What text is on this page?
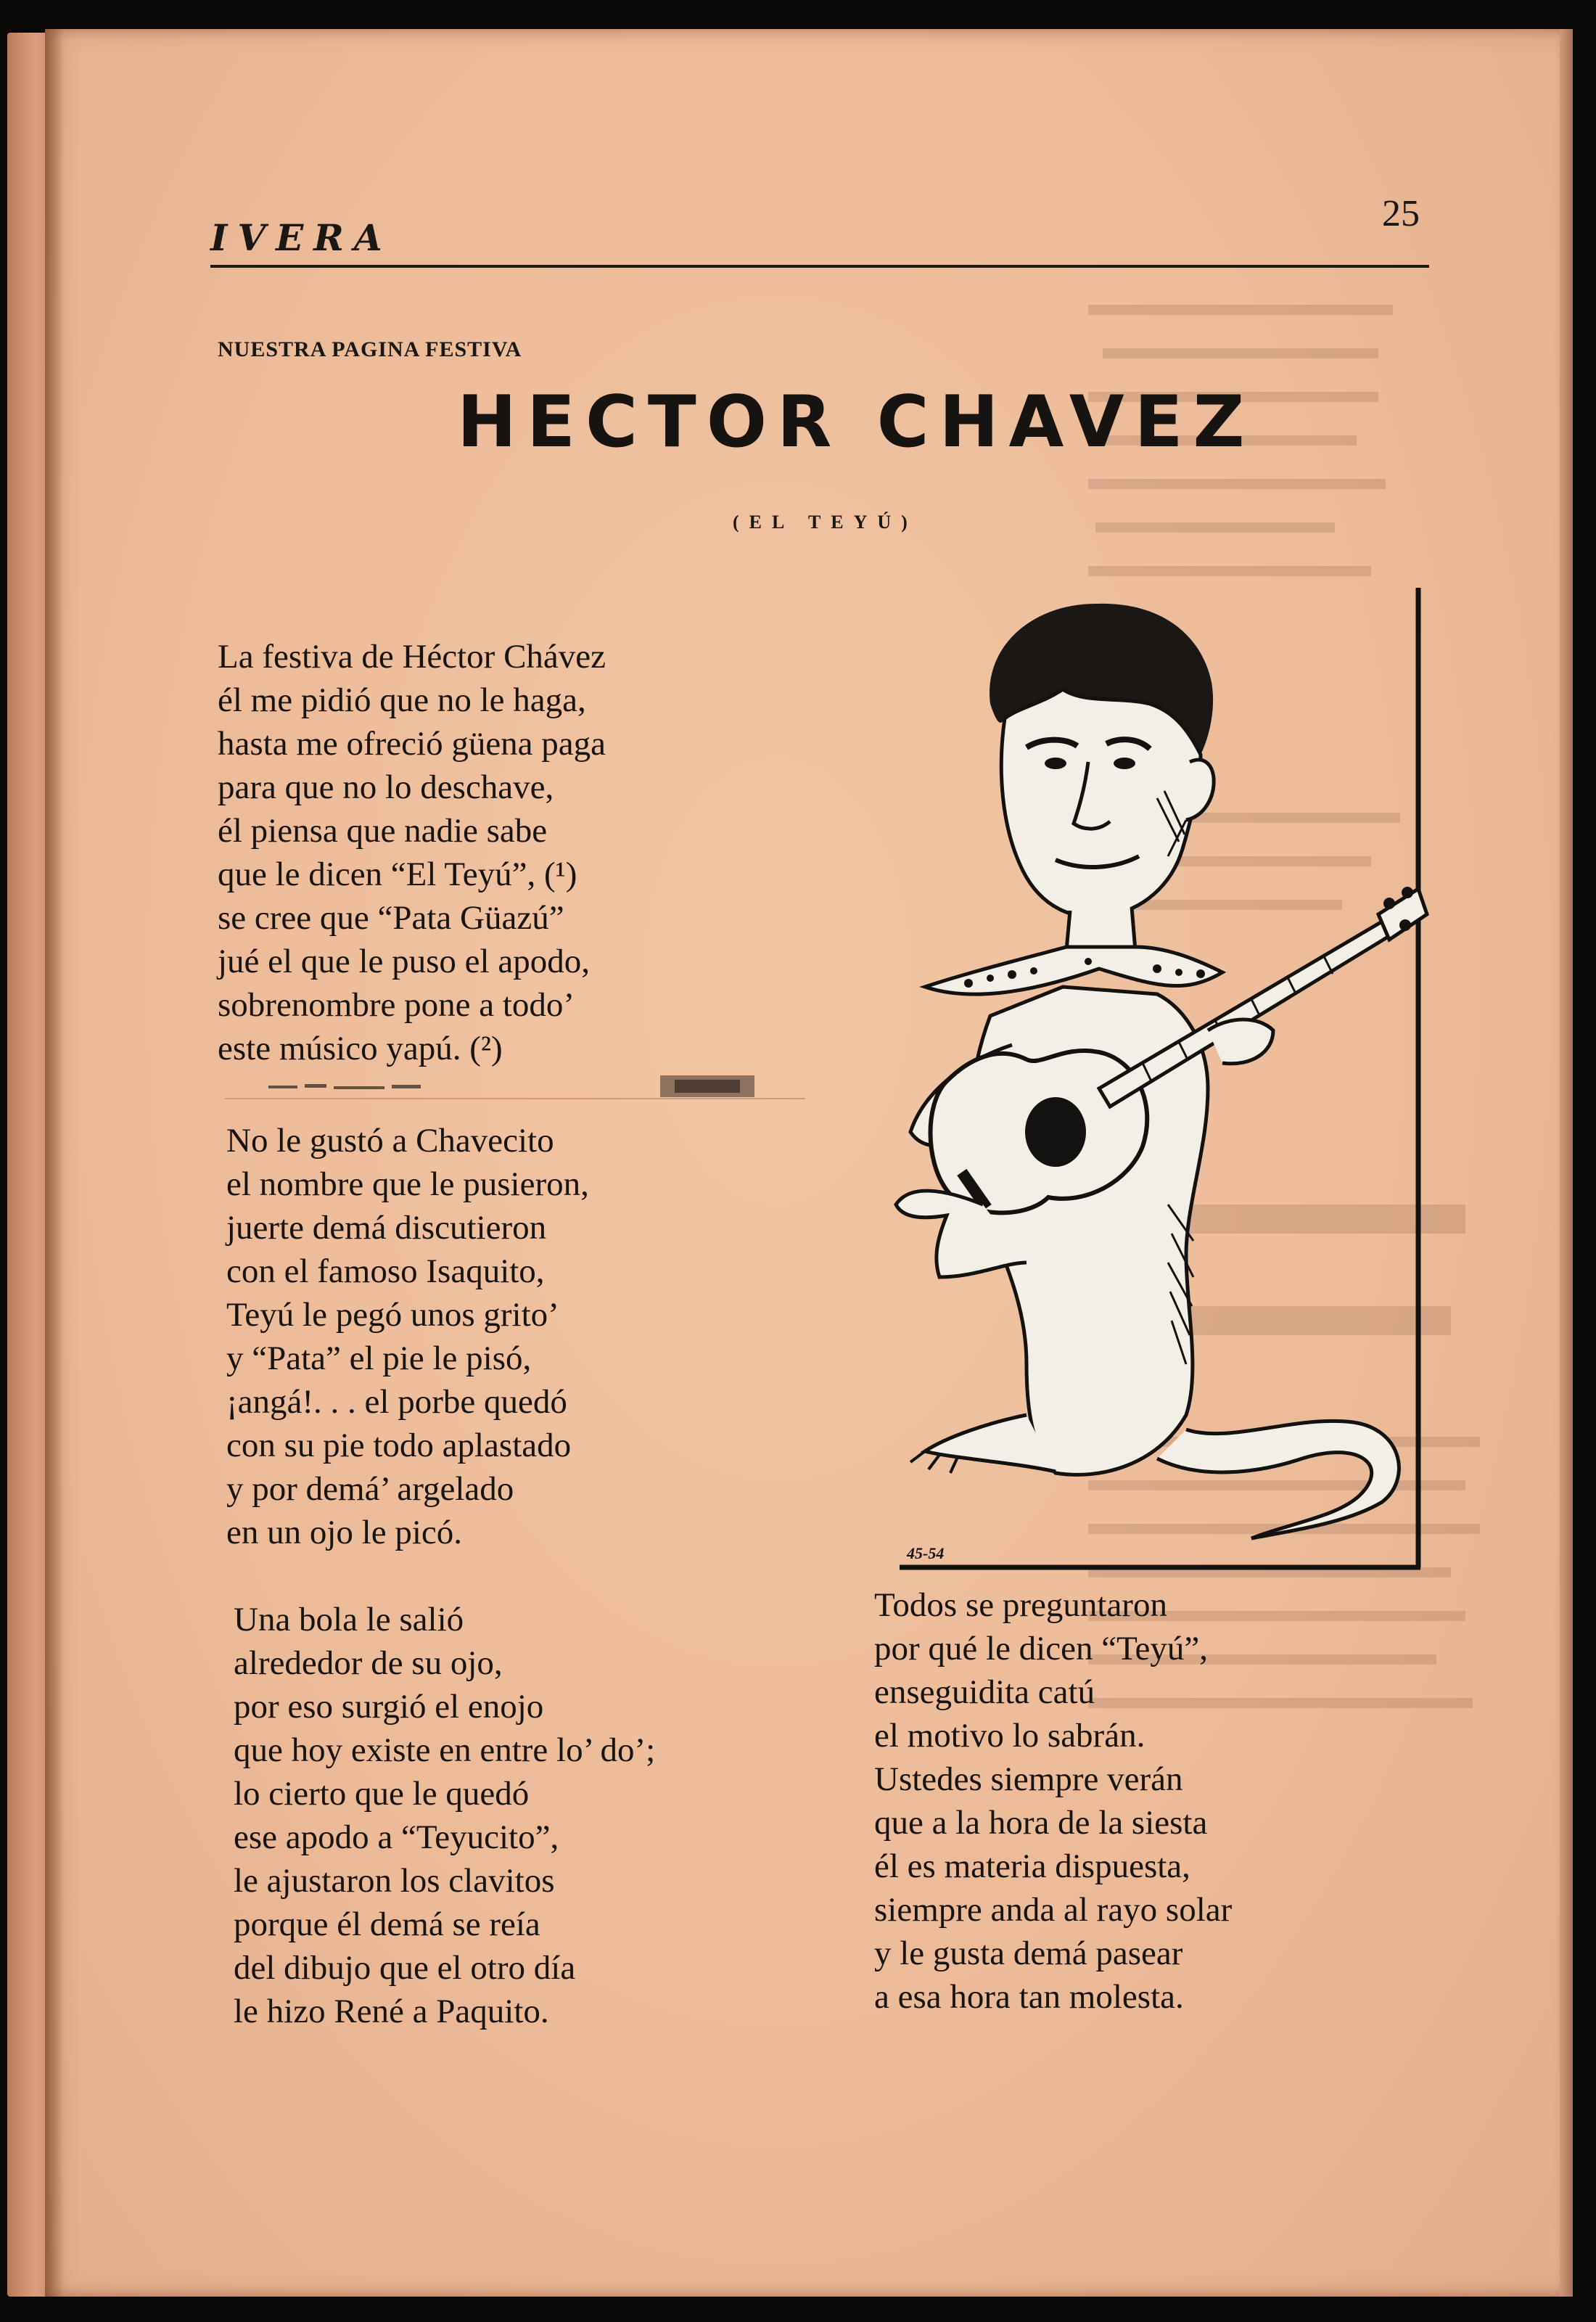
IVERA
25
NUESTRA PAGINA FESTIVA
HECTOR CHAVEZ
(EL TEYÚ)
La festiva de Héctor Chávez
él me pidió que no le haga,
hasta me ofreció güena paga
para que no lo deschave,
él piensa que nadie sabe
que le dicen “El Teyú”, (¹)
se cree que “Pata Güazú”
jué el que le puso el apodo,
sobrenombre pone a todo’
este músico yapú. (²)
No le gustó a Chavecito
el nombre que le pusieron,
juerte demá discutieron
con el famoso Isaquito,
Teyú le pegó unos grito’
y “Pata” el pie le pisó,
¡angá!. . . el porbe quedó
con su pie todo aplastado
y por demá’ argelado
en un ojo le picó.
Una bola le salió
alrededor de su ojo,
por eso surgió el enojo
que hoy existe en entre lo’ do’;
lo cierto que le quedó
ese apodo a “Teyucito”,
le ajustaron los clavitos
porque él demá se reía
del dibujo que el otro día
le hizo René a Paquito.
Todos se preguntaron
por qué le dicen “Teyú”,
enseguidita catú
el motivo lo sabrán.
Ustedes siempre verán
que a la hora de la siesta
él es materia dispuesta,
siempre anda al rayo solar
y le gusta demá pasear
a esa hora tan molesta.
45-54
